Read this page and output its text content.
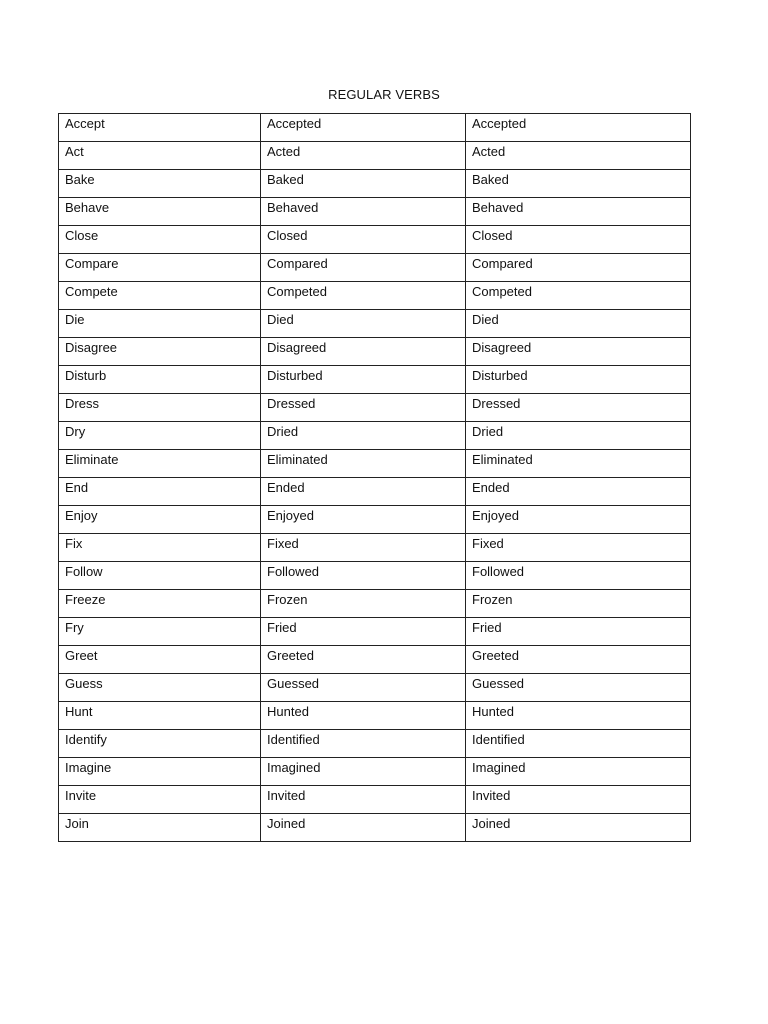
REGULAR VERBS
Accept	Accepted	Accepted
Act	Acted	Acted
Bake	Baked	Baked
Behave	Behaved	Behaved
Close	Closed	Closed
Compare	Compared	Compared
Compete	Competed	Competed
Die	Died	Died
Disagree	Disagreed	Disagreed
Disturb	Disturbed	Disturbed
Dress	Dressed	Dressed
Dry	Dried	Dried
Eliminate	Eliminated	Eliminated
End	Ended	Ended
Enjoy	Enjoyed	Enjoyed
Fix	Fixed	Fixed
Follow	Followed	Followed
Freeze	Frozen	Frozen
Fry	Fried	Fried
Greet	Greeted	Greeted
Guess	Guessed	Guessed
Hunt	Hunted	Hunted
Identify	Identified	Identified
Imagine	Imagined	Imagined
Invite	Invited	Invited
Join	Joined	Joined
